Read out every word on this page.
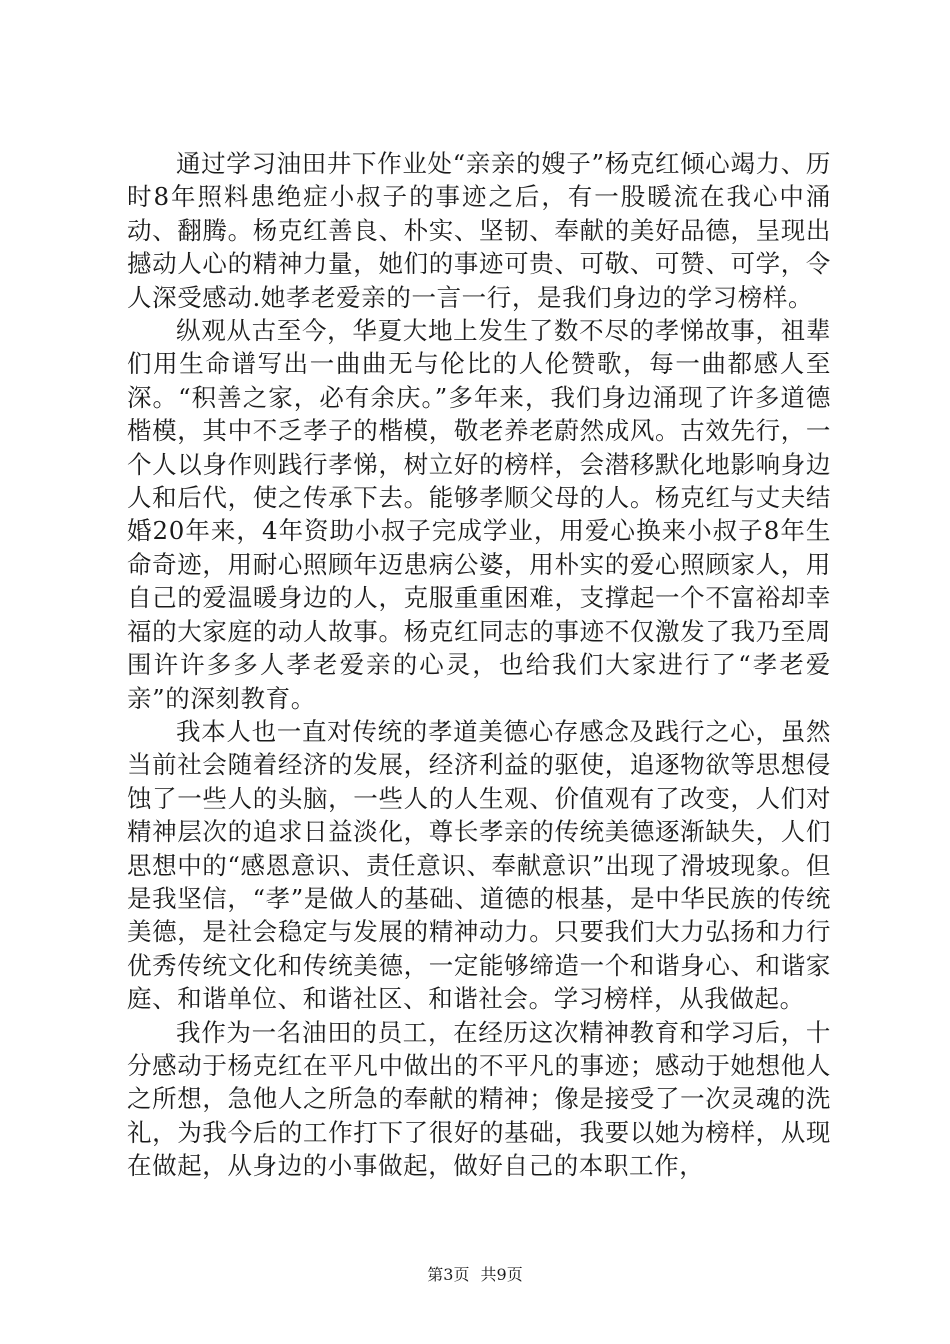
通过学习油田井下作业处“亲亲的嫂子”杨克红倾心竭力、历时8年照料患绝症小叔子的事迹之后，有一股暖流在我心中涌动、翻腾。杨克红善良、朴实、坚韧、奉献的美好品德，呈现出撼动人心的精神力量，她们的事迹可贵、可敬、可赞、可学，令人深受感动.她孝老爱亲的一言一行，是我们身边的学习榜样。

纵观从古至今，华夏大地上发生了数不尽的孝悌故事，祖辈们用生命谱写出一曲曲无与伦比的人伦赞歌，每一曲都感人至深。“积善之家，必有余庆。”多年来，我们身边涌现了许多道德楷模，其中不乏孝子的楷模，敬老养老蔚然成风。古效先行，一个人以身作则践行孝悌，树立好的榜样，会潜移默化地影响身边人和后代，使之传承下去。能够孝顺父母的人。杨克红与丈夫结婚20年来，4年资助小叔子完成学业，用爱心换来小叔子8年生命奇迹，用耐心照顾年迈患病公婆，用朴实的爱心照顾家人，用自己的爱温暖身边的人，克服重重困难，支撑起一个不富裕却幸福的大家庭的动人故事。杨克红同志的事迹不仅激发了我乃至周围许许多多人孝老爱亲的心灵，也给我们大家进行了“孝老爱亲”的深刻教育。

我本人也一直对传统的孝道美德心存感念及践行之心，虽然当前社会随着经济的发展，经济利益的驱使，追逐物欲等思想侵蚀了一些人的头脑，一些人的人生观、价值观有了改变，人们对精神层次的追求日益淡化，尊长孝亲的传统美德逐渐缺失，人们思想中的“感恩意识、责任意识、奉献意识”出现了滑坡现象。但是我坚信，“孝”是做人的基础、道德的根基，是中华民族的传统美德，是社会稳定与发展的精神动力。只要我们大力弘扬和力行优秀传统文化和传统美德，一定能够缔造一个和谐身心、和谐家庭、和谐单位、和谐社区、和谐社会。学习榜样，从我做起。

我作为一名油田的员工，在经历这次精神教育和学习后，十分感动于杨克红在平凡中做出的不平凡的事迹；感动于她想他人之所想，急他人之所急的奉献的精神；像是接受了一次灵魂的洗礼，为我今后的工作打下了很好的基础，我要以她为榜样，从现在做起，从身边的小事做起，做好自己的本职工作，

第3页 共9页
